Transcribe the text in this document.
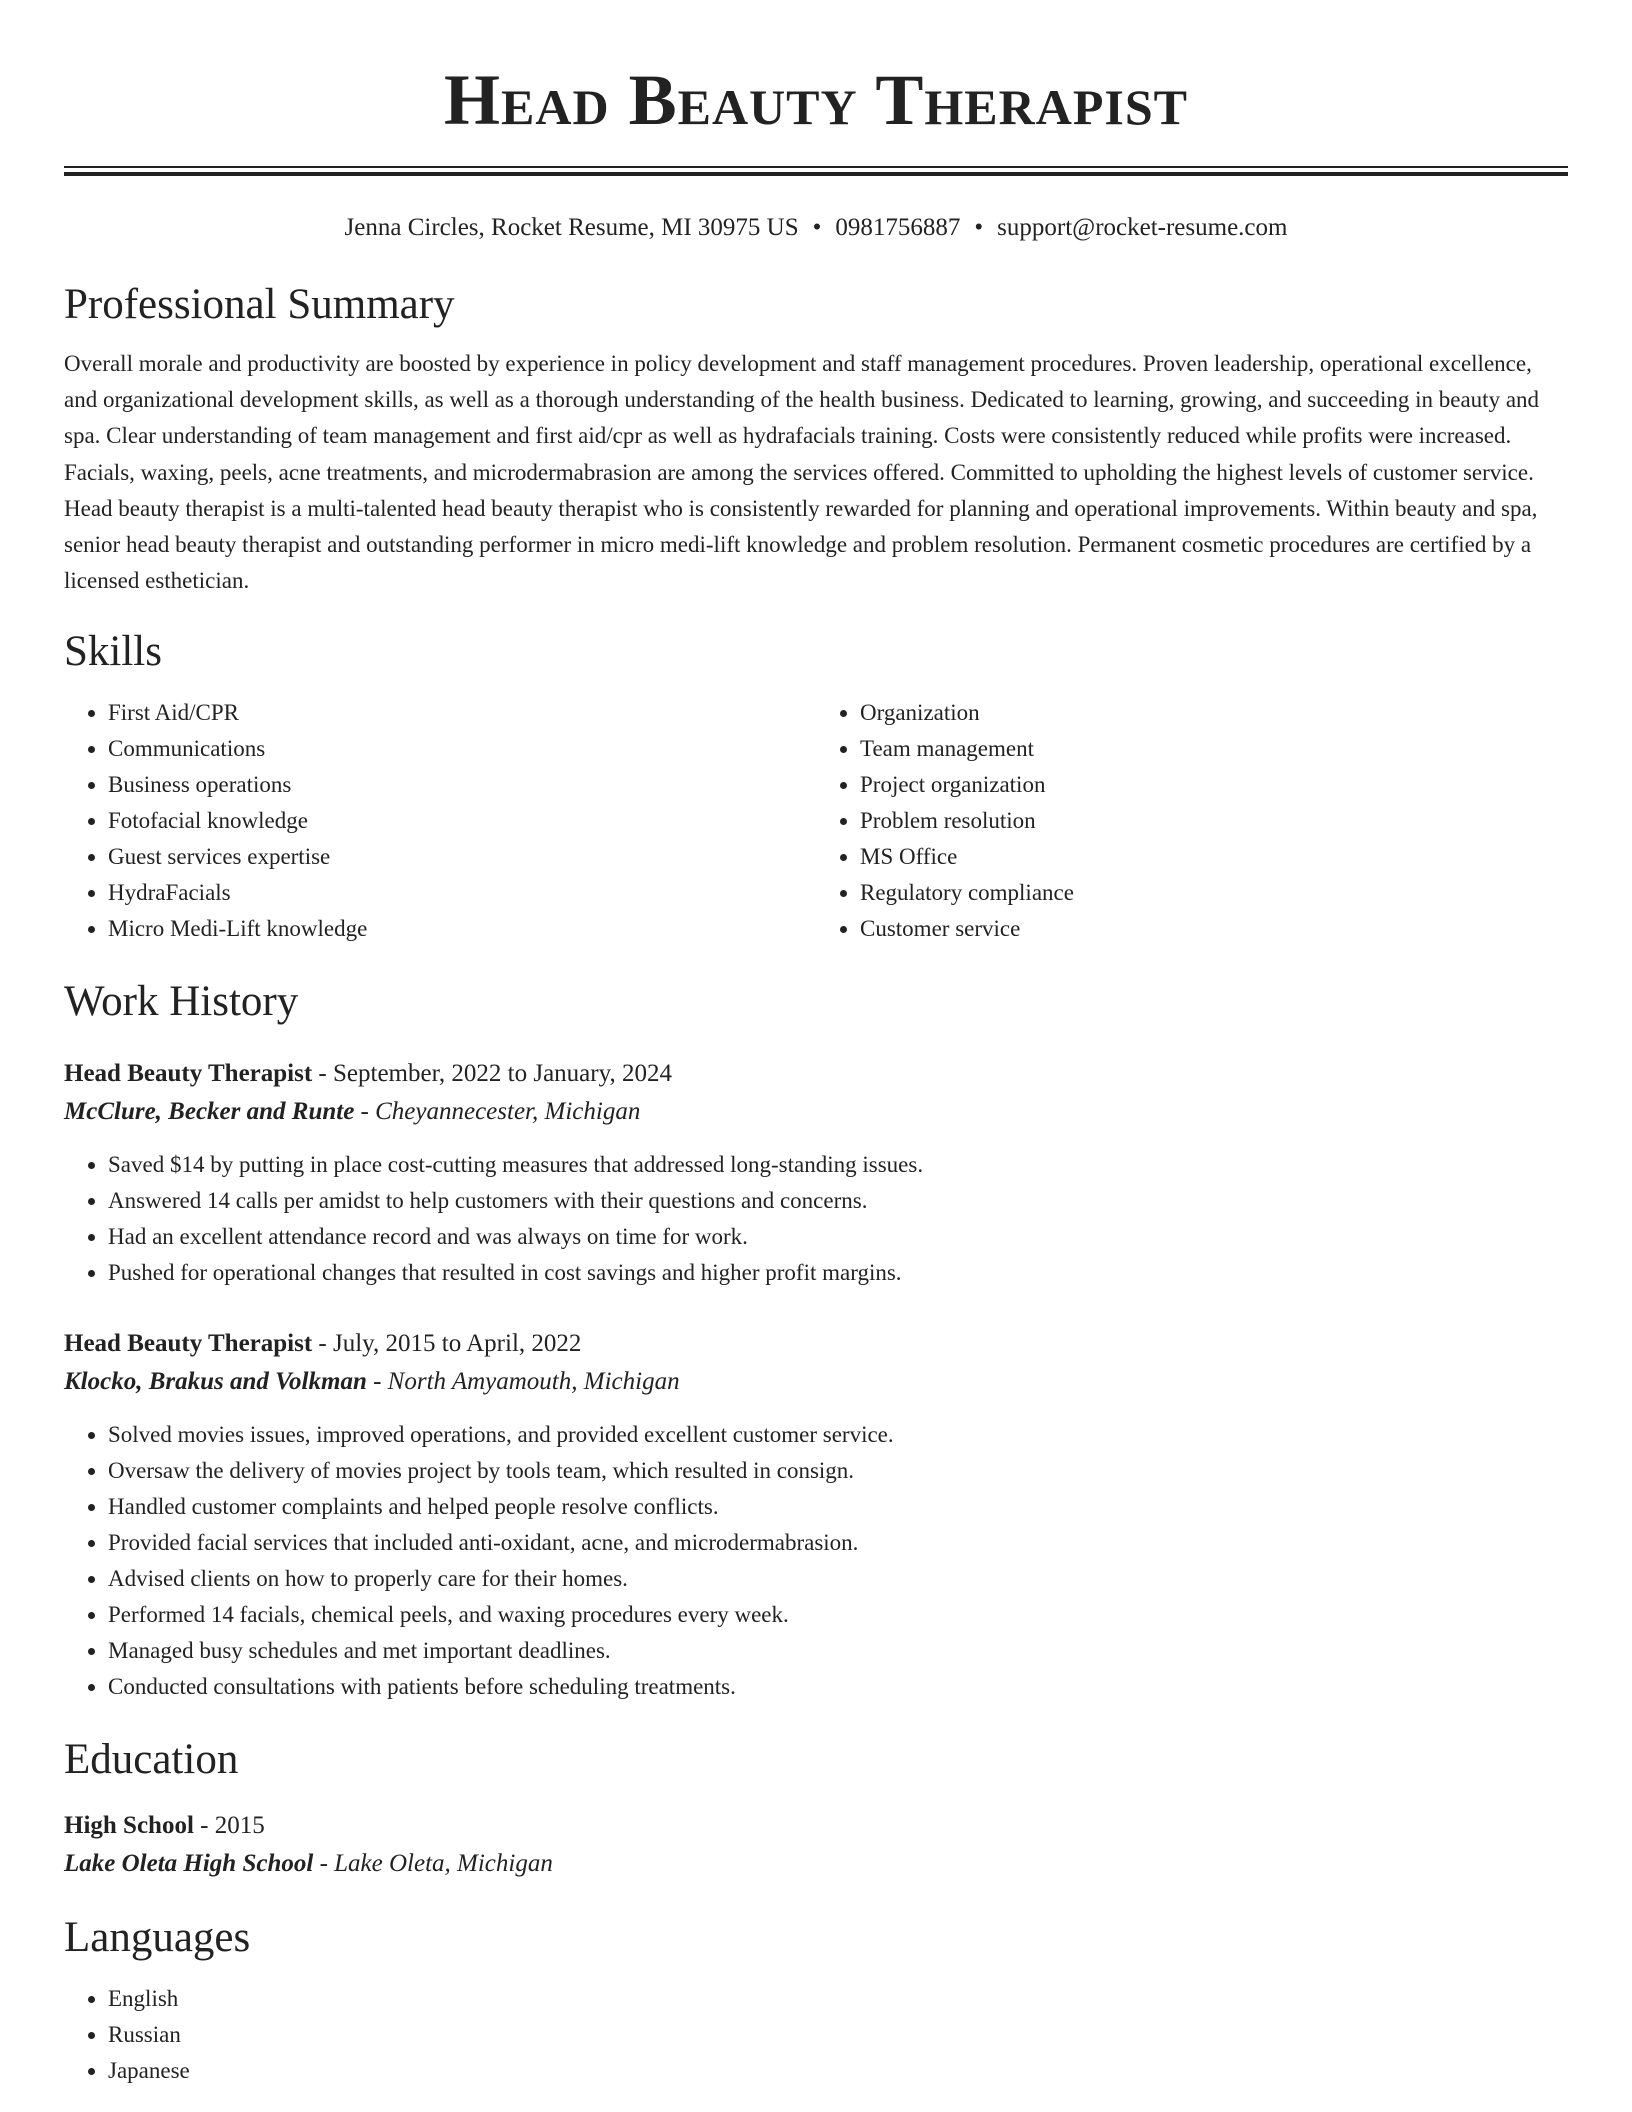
Head Beauty Therapist
Jenna Circles, Rocket Resume, MI 30975 US • 0981756887 • support@rocket-resume.com
Professional Summary

Overall morale and productivity are boosted by experience in policy development and staff management procedures. Proven leadership, operational excellence, and organizational development skills, as well as a thorough understanding of the health business. Dedicated to learning, growing, and succeeding in beauty and spa. Clear understanding of team management and first aid/cpr as well as hydrafacials training. Costs were consistently reduced while profits were increased. Facials, waxing, peels, acne treatments, and microdermabrasion are among the services offered. Committed to upholding the highest levels of customer service. Head beauty therapist is a multi-talented head beauty therapist who is consistently rewarded for planning and operational improvements. Within beauty and spa, senior head beauty therapist and outstanding performer in micro medi-lift knowledge and problem resolution. Permanent cosmetic procedures are certified by a licensed esthetician.

Skills
• First Aid/CPR
• Communications
• Business operations
• Fotofacial knowledge
• Guest services expertise
• HydraFacials
• Micro Medi-Lift knowledge
• Organization
• Team management
• Project organization
• Problem resolution
• MS Office
• Regulatory compliance
• Customer service
Work History
Head Beauty Therapist - September, 2022 to January, 2024
McClure, Becker and Runte - Cheyannecester, Michigan
• Saved $14 by putting in place cost-cutting measures that addressed long-standing issues.
• Answered 14 calls per amidst to help customers with their questions and concerns.
• Had an excellent attendance record and was always on time for work.
• Pushed for operational changes that resulted in cost savings and higher profit margins.
Head Beauty Therapist - July, 2015 to April, 2022
Klocko, Brakus and Volkman - North Amyamouth, Michigan
• Solved movies issues, improved operations, and provided excellent customer service.
• Oversaw the delivery of movies project by tools team, which resulted in consign.
• Handled customer complaints and helped people resolve conflicts.
• Provided facial services that included anti-oxidant, acne, and microdermabrasion.
• Advised clients on how to properly care for their homes.
• Performed 14 facials, chemical peels, and waxing procedures every week.
• Managed busy schedules and met important deadlines.
• Conducted consultations with patients before scheduling treatments.
Education
High School - 2015
Lake Oleta High School - Lake Oleta, Michigan
Languages
• English
• Russian
• Japanese
